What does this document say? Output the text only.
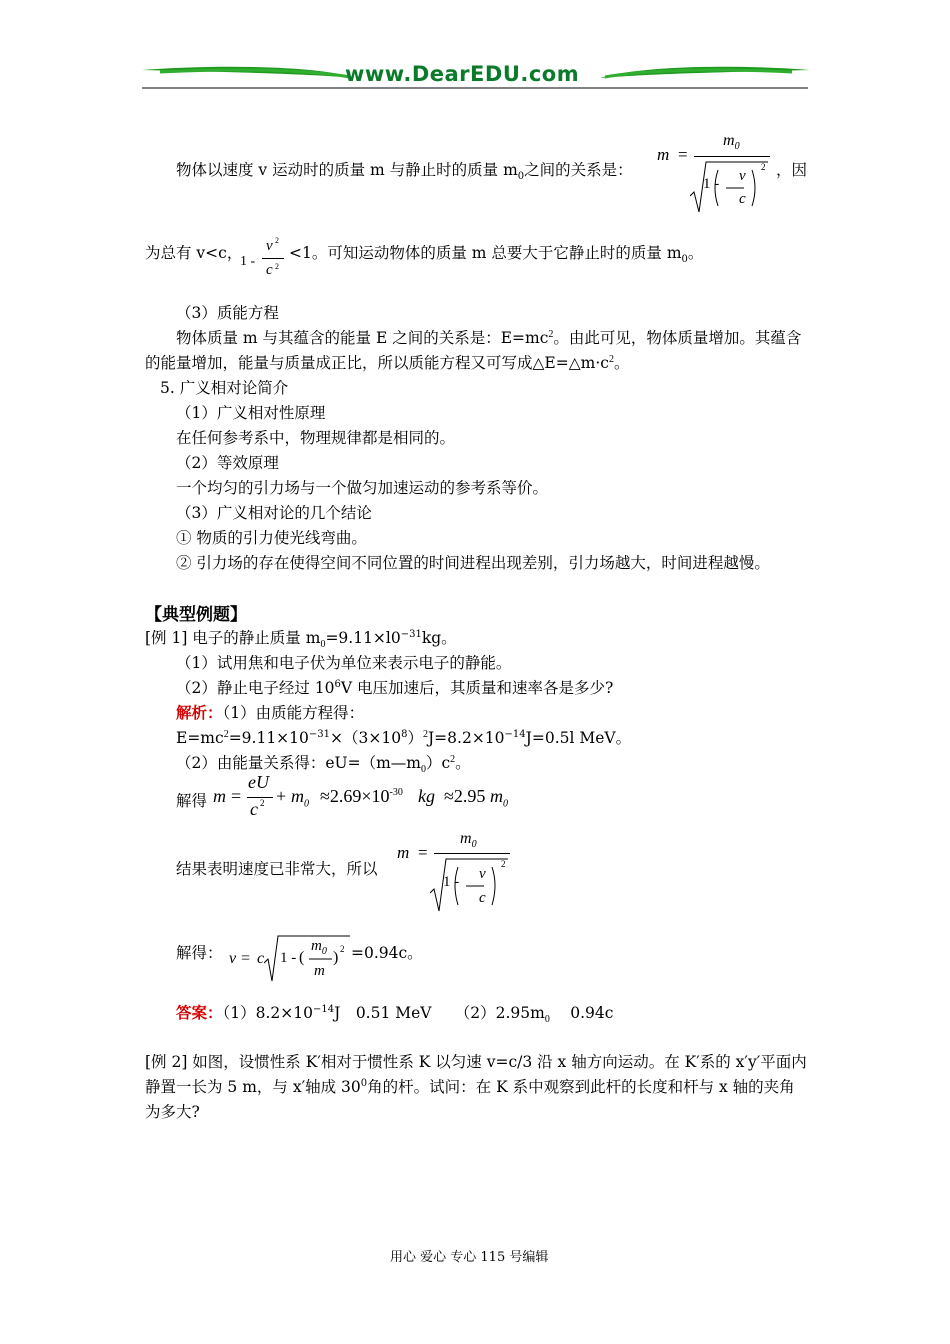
www.DearEDU.com
物体以速度 v 运动时的质量 m 与静止时的质量 $m_0$之间的关系是：
m =
$m_0$
1 - v
c
2 ，因
为总有 v<c，
1 -
v 2
c 2
<1。可知运动物体的质量 m 总要大于它静止时的质量 $m_0$。
（3）质能方程
物体质量 m 与其蕴含的能量 E 之间的关系是：$E=mc^2$。由此可见，物体质量增加。其蕴含
的能量增加，能量与质量成正比，所以质能方程又可写成$\triangle E=\triangle m\cdot c^2$。
5. 广义相对论简介
（1）广义相对性原理
在任何参考系中，物理规律都是相同的。
（2）等效原理
一个均匀的引力场与一个做匀加速运动的参考系等价。
（3）广义相对论的几个结论
① 物质的引力使光线弯曲。
② 引力场的存在使得空间不同位置的时间进程出现差别，引力场越大，时间进程越慢。
【典型例题】
[例 1] 电子的静止质量 $m_0=9.11\times l0^{-31}kg$。
（1）试用焦和电子伏为单位来表示电子的静能。
（2）静止电子经过 $10^6V$ 电压加速后，其质量和速率各是多少?
解析：（1）由质能方程得：
$E=mc^2=9.11\times 10^{-31}\times(3\times 10^8)^2J=8.2\times 10^{-14}J=0.5l$ MeV。
（2）由能量关系得：$eU=(m—m_0)c^2$。
解得 m =
eU
c $2 + m_0 \approx 2.69\times 10^{-30}$ kg ≈2.95 $m_0$
结果表明速度已非常大，所以
m =
$m_0$
1 - v
c
2
解得： v = c 1 - (
$m_0$
m
) 2 =0.94c。
答案：$(1)8.2\times 10^{-14}J$　0.51 MeV　　$(2)2.95m_0$　 0.94c
[例 2] 如图，设惯性系 K′相对于惯性系 K 以匀速 v=c/3 沿 x 轴方向运动。在 K′系的 x′y′平面内
静置一长为 5 m，与 x′轴成 $30^0$角的杆。试问：在 K 系中观察到此杆的长度和杆与 x 轴的夹角
为多大?
用心 爱心 专心 115 号编辑
